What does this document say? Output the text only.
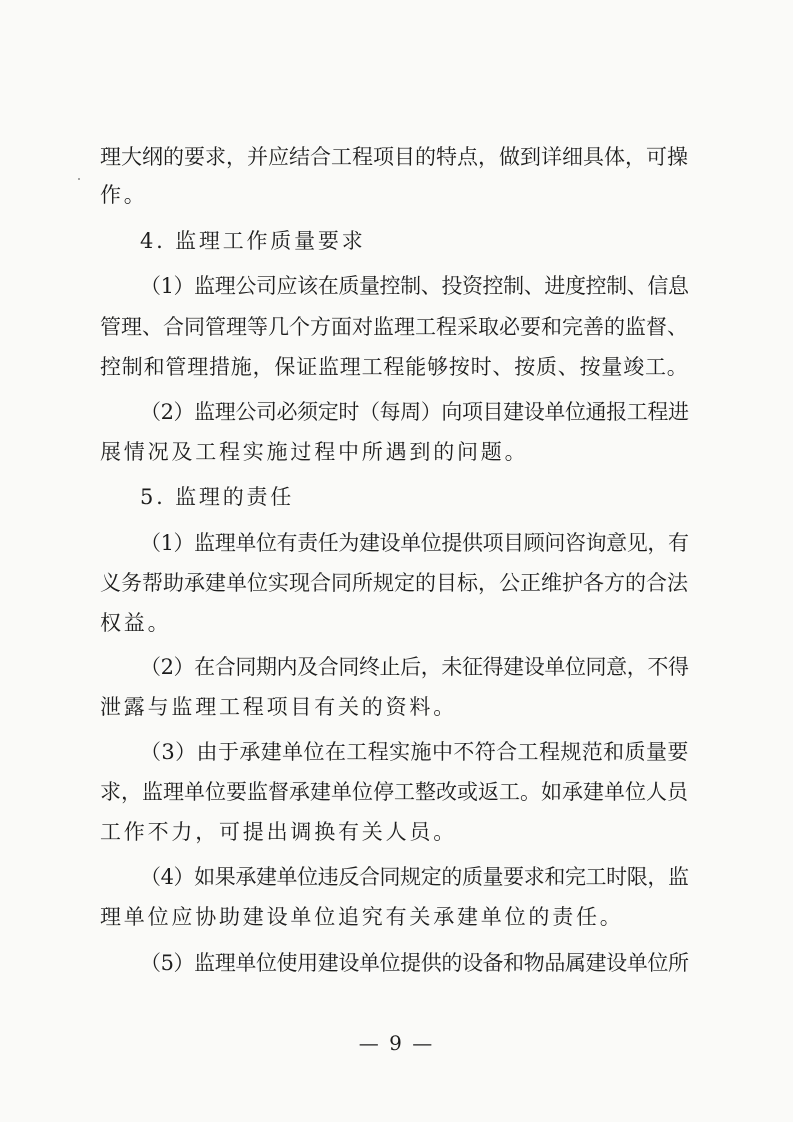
理大纲的要求，并应结合工程项目的特点，做到详细具体，可操
作。
4. 监理工作质量要求
（1）监理公司应该在质量控制、投资控制、进度控制、信息
管理、合同管理等几个方面对监理工程采取必要和完善的监督、
控制和管理措施，保证监理工程能够按时、按质、按量竣工。
（2）监理公司必须定时（每周）向项目建设单位通报工程进
展情况及工程实施过程中所遇到的问题。
5. 监理的责任
（1）监理单位有责任为建设单位提供项目顾问咨询意见，有
义务帮助承建单位实现合同所规定的目标，公正维护各方的合法
权益。
（2）在合同期内及合同终止后，未征得建设单位同意，不得
泄露与监理工程项目有关的资料。
（3）由于承建单位在工程实施中不符合工程规范和质量要
求，监理单位要监督承建单位停工整改或返工。如承建单位人员
工作不力，可提出调换有关人员。
（4）如果承建单位违反合同规定的质量要求和完工时限，监
理单位应协助建设单位追究有关承建单位的责任。
（5）监理单位使用建设单位提供的设备和物品属建设单位所
— 9 —
